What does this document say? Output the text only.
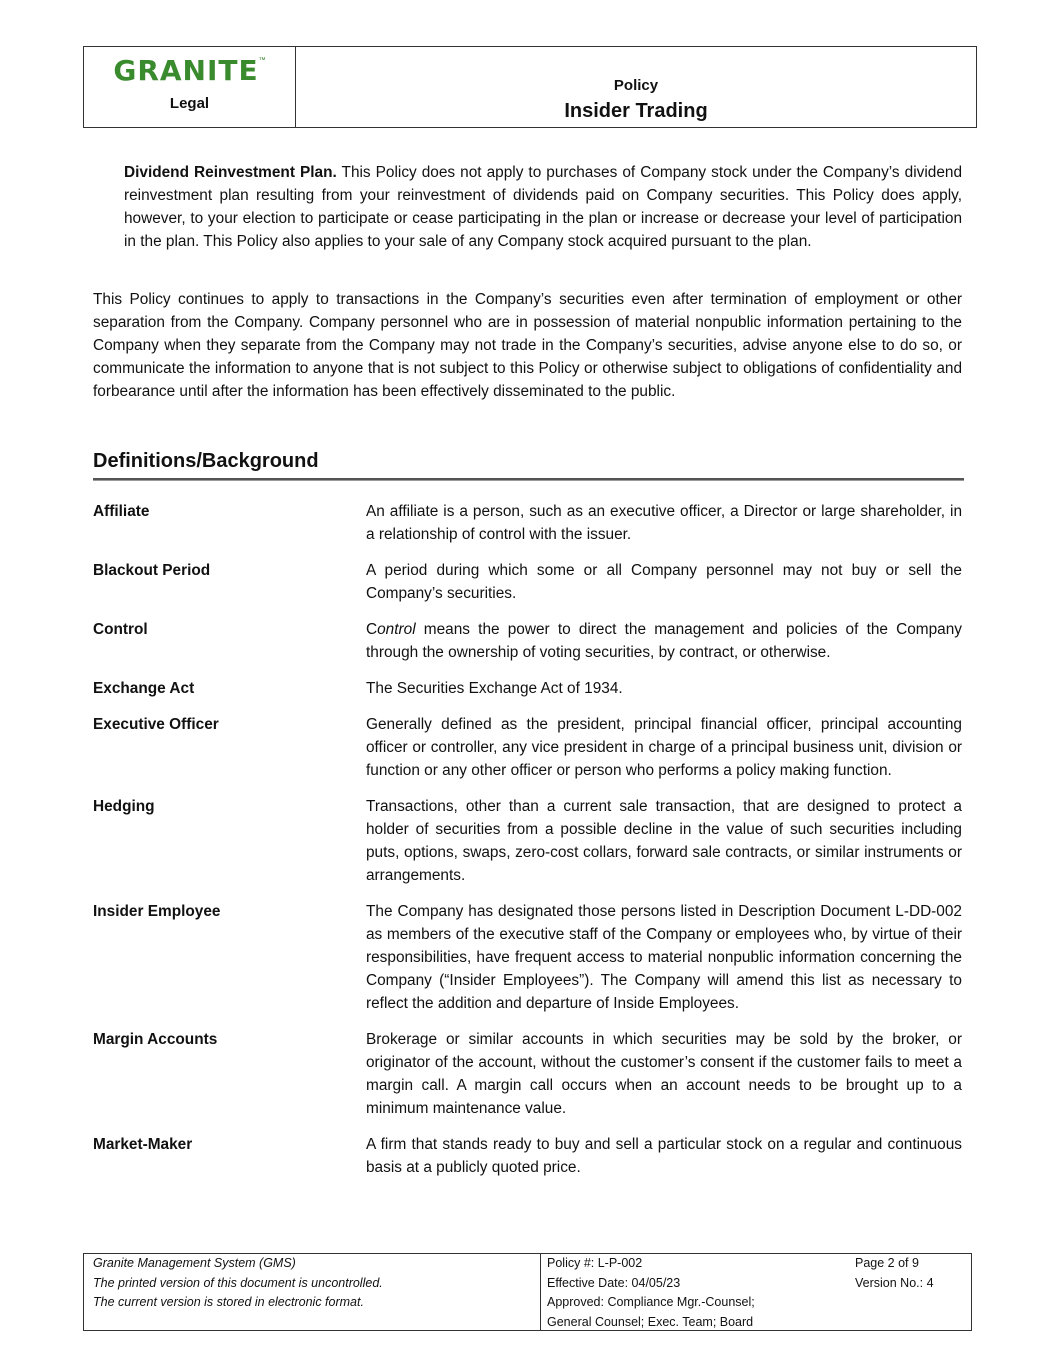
GRANITE™
Legal
Policy
Insider Trading
Dividend Reinvestment Plan. This Policy does not apply to purchases of Company stock under the Company’s dividend reinvestment plan resulting from your reinvestment of dividends paid on Company securities. This Policy does apply, however, to your election to participate or cease participating in the plan or increase or decrease your level of participation in the plan. This Policy also applies to your sale of any Company stock acquired pursuant to the plan.
This Policy continues to apply to transactions in the Company’s securities even after termination of employment or other separation from the Company. Company personnel who are in possession of material nonpublic information pertaining to the Company when they separate from the Company may not trade in the Company’s securities, advise anyone else to do so, or communicate the information to anyone that is not subject to this Policy or otherwise subject to obligations of confidentiality and forbearance until after the information has been effectively disseminated to the public.
Definitions/Background
Affiliate	An affiliate is a person, such as an executive officer, a Director or large shareholder, in a relationship of control with the issuer.
Blackout Period	A period during which some or all Company personnel may not buy or sell the Company’s securities.
Control	Control means the power to direct the management and policies of the Company through the ownership of voting securities, by contract, or otherwise.
Exchange Act	The Securities Exchange Act of 1934.
Executive Officer	Generally defined as the president, principal financial officer, principal accounting officer or controller, any vice president in charge of a principal business unit, division or function or any other officer or person who performs a policy making function.
Hedging	Transactions, other than a current sale transaction, that are designed to protect a holder of securities from a possible decline in the value of such securities including puts, options, swaps, zero-cost collars, forward sale contracts, or similar instruments or arrangements.
Insider Employee	The Company has designated those persons listed in Description Document L-DD-002 as members of the executive staff of the Company or employees who, by virtue of their responsibilities, have frequent access to material nonpublic information concerning the Company (“Insider Employees”). The Company will amend this list as necessary to reflect the addition and departure of Inside Employees.
Margin Accounts	Brokerage or similar accounts in which securities may be sold by the broker, or originator of the account, without the customer’s consent if the customer fails to meet a margin call. A margin call occurs when an account needs to be brought up to a minimum maintenance value.
Market-Maker	A firm that stands ready to buy and sell a particular stock on a regular and continuous basis at a publicly quoted price.
Granite Management System (GMS)
The printed version of this document is uncontrolled.
The current version is stored in electronic format.
Policy #: L-P-002
Effective Date: 04/05/23
Approved: Compliance Mgr.-Counsel;
General Counsel; Exec. Team; Board
Page 2 of 9
Version No.: 4
